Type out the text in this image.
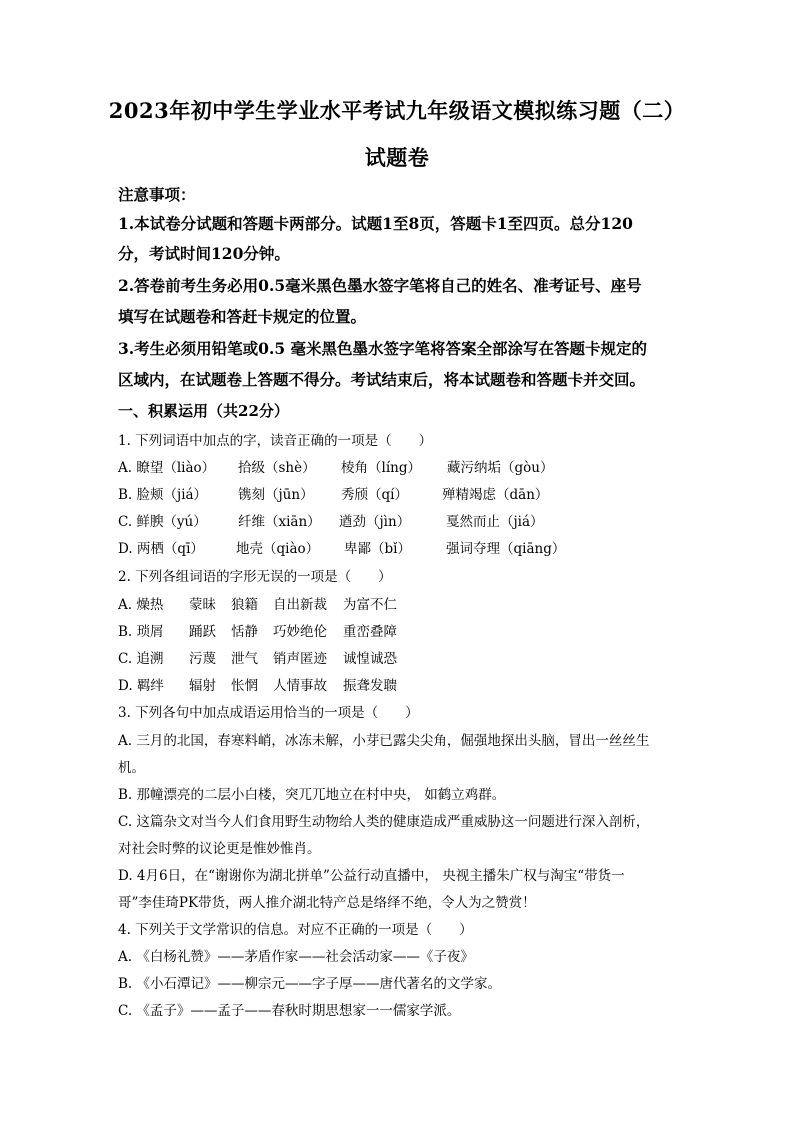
2023年初中学生学业水平考试九年级语文模拟练习题（二）
试题卷
注意事项：
1.本试卷分试题和答题卡两部分。试题1至8页，答题卡1至四页。总分120
分，考试时间120分钟。
2.答卷前考生务必用0.5毫米黑色墨水签字笔将自己的姓名、准考证号、座号
填写在试题卷和答赶卡规定的位置。
3.考生必须用铅笔或0.5 毫米黑色墨水签字笔将答案全部涂写在答题卡规定的
区域内，在试题卷上答题不得分。考试结束后，将本试题卷和答题卡并交回。
一、积累运用（共22分）
1. 下列词语中加点的字，读音正确的一项是（　　）
A. 瞭望（liào） 拾级（shè） 棱角（líng） 藏污纳垢（gòu）
B. 脸颊（jiá） 镌刻（jūn） 秀颀（qí）	殚精竭虑（dān）
C. 鲜腴（yú） 纤维（xiān） 遒劲（jìn）	戛然而止（jiá）
D. 两栖（qī） 地壳（qiào） 卑鄙（bǐ）	强词夺理（qiāng）
2. 下列各组词语的字形无误的一项是（　　）
A. 燥热 蒙昧 狼籍 自出新裁 为富不仁
B. 琐屑 踊跃 恬静 巧妙绝伦 重峦叠障
C. 追溯 污蔑 泄气 销声匿迹 诚惶诚恐
D. 羁绊 辐射 怅惘 人情事故 振聋发聩
3. 下列各句中加点成语运用恰当的一项是（　　）
A. 三月的北国，春寒料峭，冰冻未解，小芽已露尖尖角，倔强地探出头脑，冒出一丝丝生
机。
B. 那幢漂亮的二层小白楼，突兀兀地立在村中央， 如鹤立鸡群。
C. 这篇杂文对当今人们食用野生动物给人类的健康造成严重威胁这一问题进行深入剖析，
对社会时弊的议论更是惟妙惟肖。
D. 4月6日，在“谢谢你为湖北拼单”公益行动直播中， 央视主播朱广权与淘宝“带货一
哥”李佳琦PK带货，两人推介湖北特产总是络绎不绝，令人为之赞赏！
4. 下列关于文学常识的信息。对应不正确的一项是（　　）
A. 《白杨礼赞》——茅盾作家——社会活动家——《子夜》
B. 《小石潭记》——柳宗元——字子厚——唐代著名的文学家。
C. 《孟子》——孟子——春秋时期思想家一一儒家学派。
